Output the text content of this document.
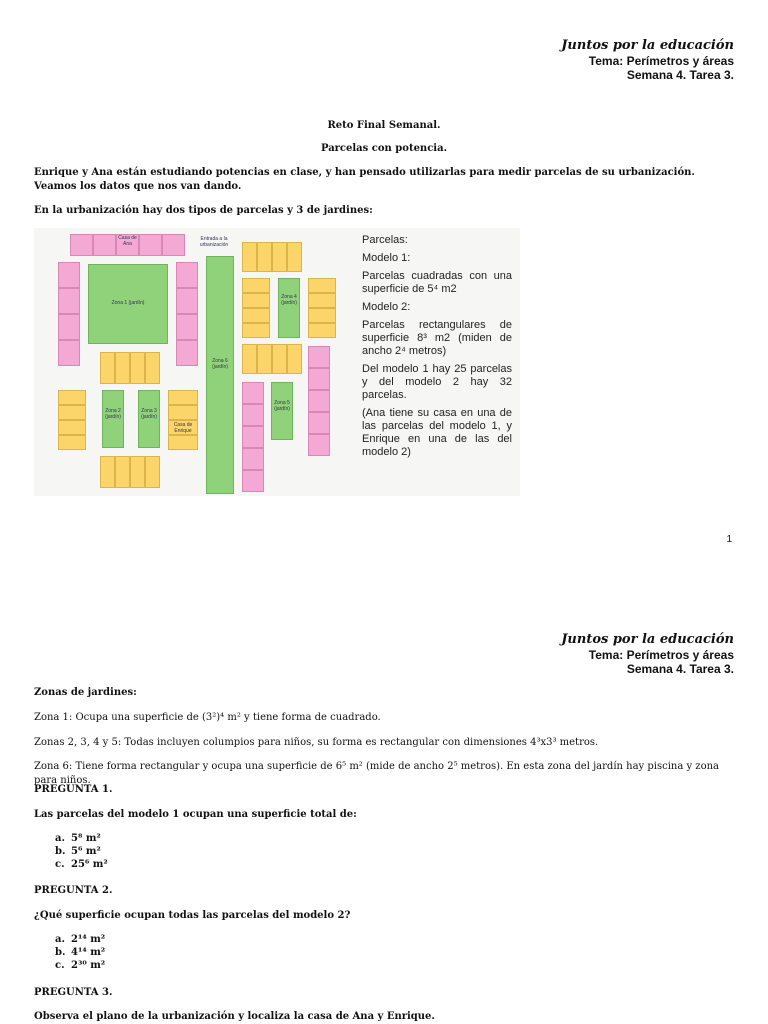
Juntos por la educación
Tema: Perímetros y áreas
Semana 4. Tarea 3.
Reto Final Semanal.
Parcelas con potencia.
Enrique y Ana están estudiando potencias en clase, y han pensado utilizarlas para medir parcelas de su urbanización. Veamos los datos que nos van dando.
En la urbanización hay dos tipos de parcelas y 3 de jardines:
Casa de Ana
Entrada a la urbanización
Zona 1 (jardín)
Zona 2 (jardín)
Zona 3 (jardín)
Casa de Enrique
Zona 6 (jardín)
Zona 4 (jardín)
Zona 5 (jardín)
Parcelas:
Modelo 1:
Parcelas cuadradas con una superficie de 5⁴ m2
Modelo 2:
Parcelas rectangulares de superficie 8³ m2 (miden de ancho 2⁴ metros)
Del modelo 1 hay 25 parcelas y del modelo 2 hay 32 parcelas.
(Ana tiene su casa en una de las parcelas del modelo 1, y Enrique en una de las del modelo 2)
1
Juntos por la educación
Tema: Perímetros y áreas
Semana 4. Tarea 3.
Zonas de jardines:
Zona 1: Ocupa una superficie de (3²)⁴ m² y tiene forma de cuadrado.
Zonas 2, 3, 4 y 5: Todas incluyen columpios para niños, su forma es rectangular con dimensiones 4³x3³ metros.
Zona 6: Tiene forma rectangular y ocupa una superficie de 6⁵ m² (mide de ancho 2⁵ metros). En esta zona del jardín hay piscina y zona para niños.
PREGUNTA 1.
Las parcelas del modelo 1 ocupan una superficie total de:
a. 5⁸ m²
b. 5⁶ m²
c. 25⁶ m²
PREGUNTA 2.
¿Qué superficie ocupan todas las parcelas del modelo 2?
a. 2¹⁴ m²
b. 4¹⁴ m²
c. 2³⁰ m²
PREGUNTA 3.
Observa el plano de la urbanización y localiza la casa de Ana y Enrique.
